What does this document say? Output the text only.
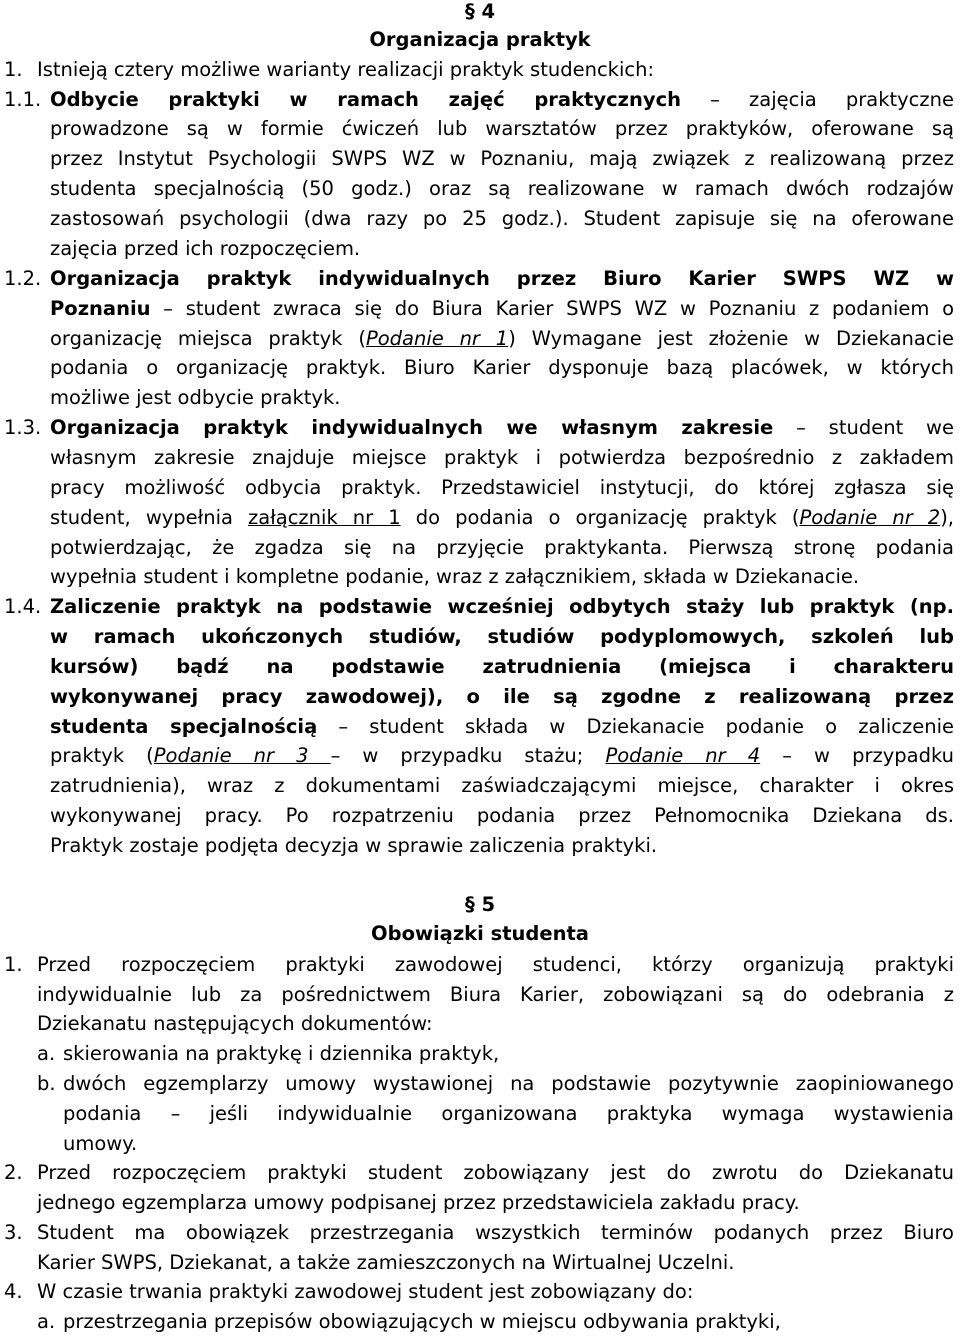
§ 4
Organizacja praktyk
1. Istnieją cztery możliwe warianty realizacji praktyk studenckich:
1.1. Odbycie praktyki w ramach zajęć praktycznych – zajęcia praktyczne
prowadzone są w formie ćwiczeń lub warsztatów przez praktyków, oferowane są
przez Instytut Psychologii SWPS WZ w Poznaniu, mają związek z realizowaną przez
studenta specjalnością (50 godz.) oraz są realizowane w ramach dwóch rodzajów
zastosowań psychologii (dwa razy po 25 godz.). Student zapisuje się na oferowane
zajęcia przed ich rozpoczęciem.
1.2. Organizacja praktyk indywidualnych przez Biuro Karier SWPS WZ w
Poznaniu – student zwraca się do Biura Karier SWPS WZ w Poznaniu z podaniem o
organizację miejsca praktyk (Podanie nr 1) Wymagane jest złożenie w Dziekanacie
podania o organizację praktyk. Biuro Karier dysponuje bazą placówek, w których
możliwe jest odbycie praktyk.
1.3. Organizacja praktyk indywidualnych we własnym zakresie – student we
własnym zakresie znajduje miejsce praktyk i potwierdza bezpośrednio z zakładem
pracy możliwość odbycia praktyk. Przedstawiciel instytucji, do której zgłasza się
student, wypełnia załącznik nr 1 do podania o organizację praktyk (Podanie nr 2),
potwierdzając, że zgadza się na przyjęcie praktykanta. Pierwszą stronę podania
wypełnia student i kompletne podanie, wraz z załącznikiem, składa w Dziekanacie.
1.4. Zaliczenie praktyk na podstawie wcześniej odbytych staży lub praktyk (np.
w ramach ukończonych studiów, studiów podyplomowych, szkoleń lub
kursów) bądź na podstawie zatrudnienia (miejsca i charakteru
wykonywanej pracy zawodowej), o ile są zgodne z realizowaną przez
studenta specjalnością – student składa w Dziekanacie podanie o zaliczenie
praktyk (Podanie nr 3 – w przypadku stażu; Podanie nr 4 – w przypadku
zatrudnienia), wraz z dokumentami zaświadczającymi miejsce, charakter i okres
wykonywanej pracy. Po rozpatrzeniu podania przez Pełnomocnika Dziekana ds.
Praktyk zostaje podjęta decyzja w sprawie zaliczenia praktyki.
§ 5
Obowiązki studenta
1. Przed rozpoczęciem praktyki zawodowej studenci, którzy organizują praktyki
indywidualnie lub za pośrednictwem Biura Karier, zobowiązani są do odebrania z
Dziekanatu następujących dokumentów:
a. skierowania na praktykę i dziennika praktyk,
b. dwóch egzemplarzy umowy wystawionej na podstawie pozytywnie zaopiniowanego
podania – jeśli indywidualnie organizowana praktyka wymaga wystawienia
umowy.
2. Przed rozpoczęciem praktyki student zobowiązany jest do zwrotu do Dziekanatu
jednego egzemplarza umowy podpisanej przez przedstawiciela zakładu pracy.
3. Student ma obowiązek przestrzegania wszystkich terminów podanych przez Biuro
Karier SWPS, Dziekanat, a także zamieszczonych na Wirtualnej Uczelni.
4. W czasie trwania praktyki zawodowej student jest zobowiązany do:
a. przestrzegania przepisów obowiązujących w miejscu odbywania praktyki,
